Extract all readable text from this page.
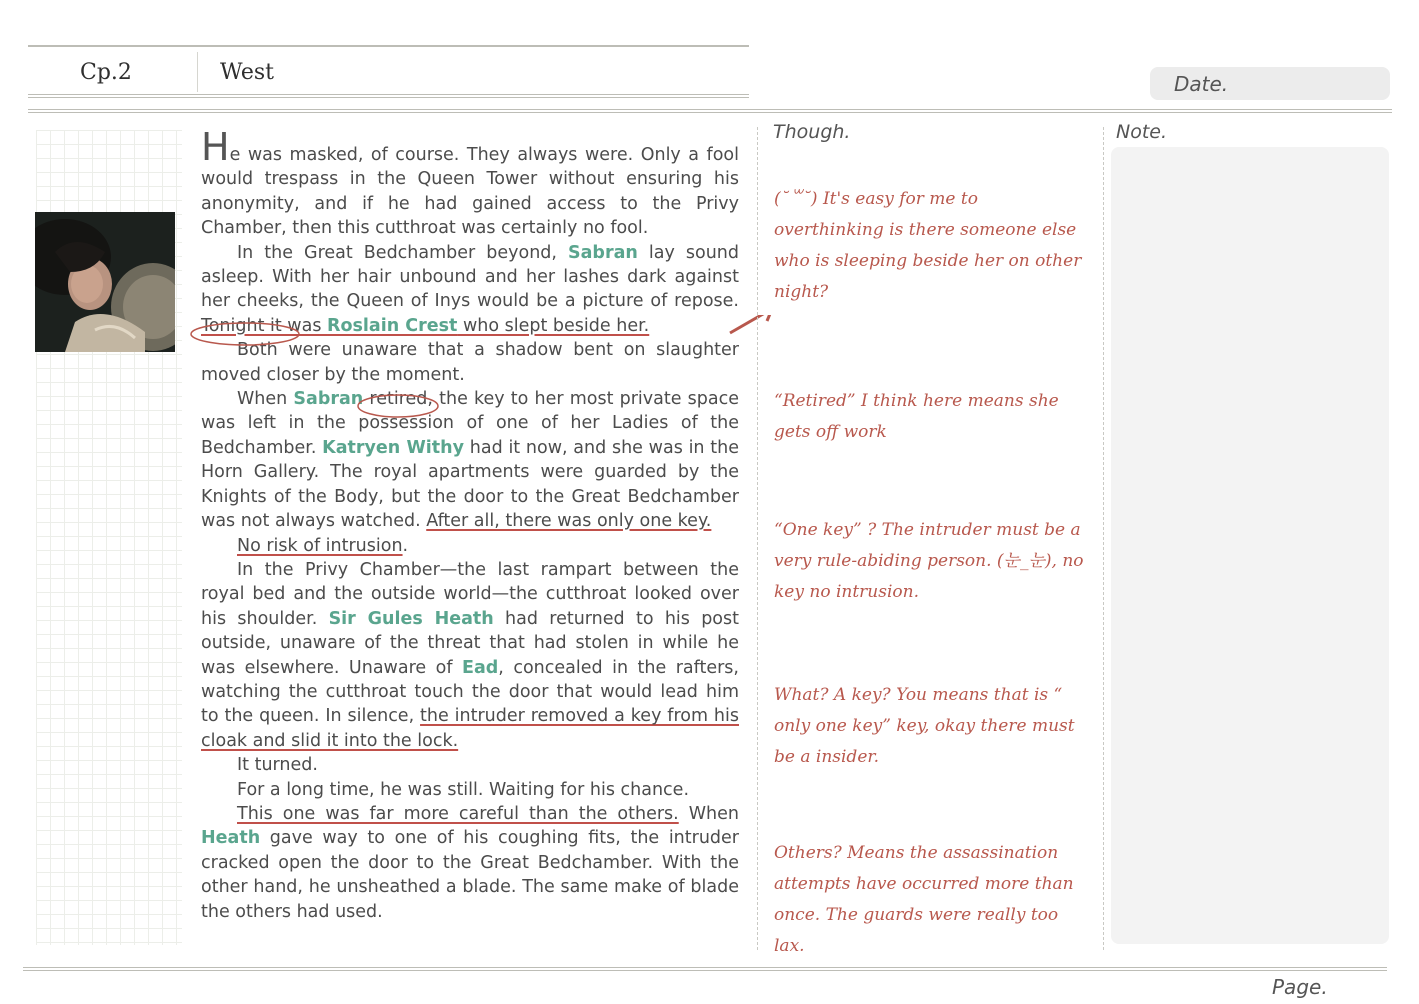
Cp.2	West	Date.

He was masked, of course. They always were. Only a fool would trespass in the Queen Tower without ensuring his anonymity, and if he had gained access to the Privy Chamber, then this cutthroat was certainly no fool.

In the Great Bedchamber beyond, Sabran lay sound asleep. With her hair unbound and her lashes dark against her cheeks, the Queen of Inys would be a picture of repose. Tonight it was Roslain Crest who slept beside her.

Both were unaware that a shadow bent on slaughter moved closer by the moment.

When Sabran retired, the key to her most private space was left in the possession of one of her Ladies of the Bedchamber. Katryen Withy had it now, and she was in the Horn Gallery. The royal apartments were guarded by the Knights of the Body, but the door to the Great Bedchamber was not always watched. After all, there was only one key.

No risk of intrusion.

In the Privy Chamber—the last rampart between the royal bed and the outside world—the cutthroat looked over his shoulder. Sir Gules Heath had returned to his post outside, unaware of the threat that had stolen in while he was elsewhere. Unaware of Ead, concealed in the rafters, watching the cutthroat touch the door that would lead him to the queen. In silence, the intruder removed a key from his cloak and slid it into the lock.

It turned.

For a long time, he was still. Waiting for his chance.

This one was far more careful than the others. When Heath gave way to one of his coughing fits, the intruder cracked open the door to the Great Bedchamber. With the other hand, he unsheathed a blade. The same make of blade the others had used.

Though.
(˘꒳˘) It's easy for me to overthinking is there someone else who is sleeping beside her on other night?
“Retired” I think here means she gets off work
“One key” ? The intruder must be a very rule-abiding person. (눈_눈), no key no intrusion.
What? A key? You means that is “ only one key” key, okay there must be a insider.
Others? Means the assassination attempts have occurred more than once. The guards were really too lax.
Note.
Page.
